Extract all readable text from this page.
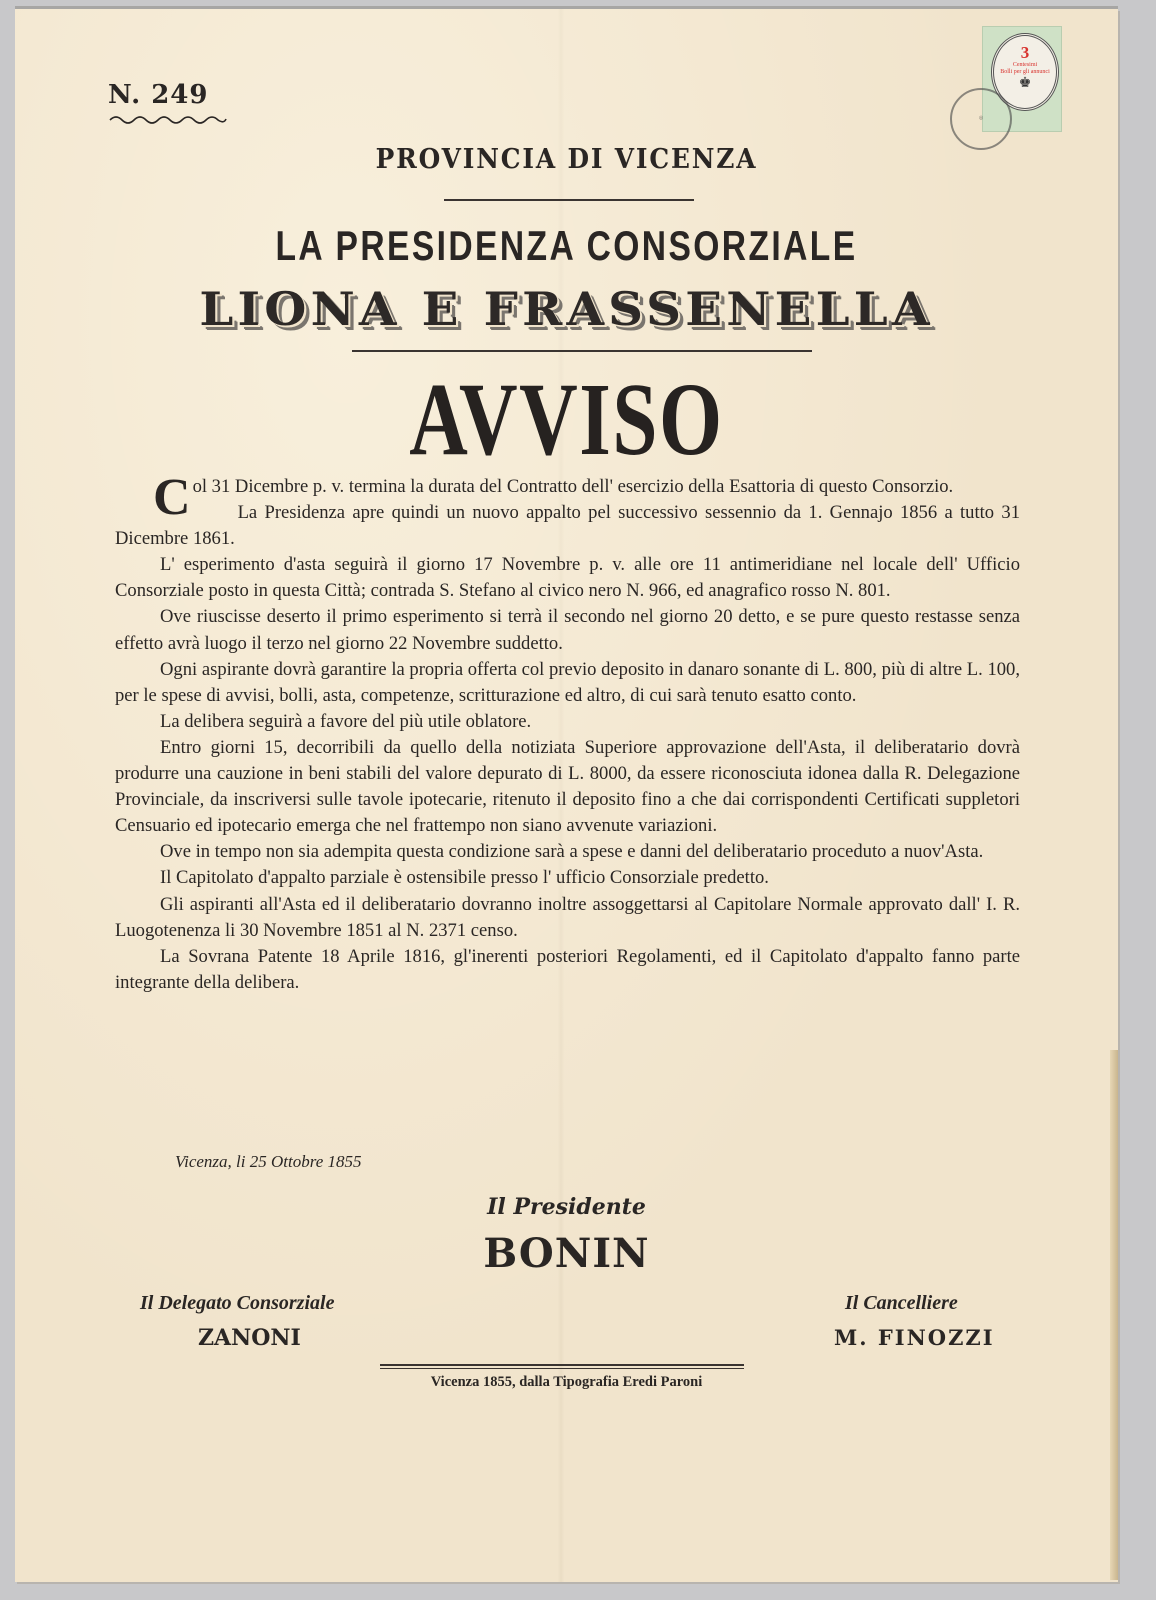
N. 249
3
Centesimi
Bolli per gli annunci
♚
◎
PROVINCIA DI VICENZA
LA PRESIDENZA CONSORZIALE
LIONA E FRASSENELLA
AVVISO

Col 31 Dicembre p. v. termina la durata del Contratto dell' esercizio della Esattoria di questo Consorzio.

La Presidenza apre quindi un nuovo appalto pel successivo sessennio da 1. Gennajo 1856 a tutto 31 Dicembre 1861.

L' esperimento d'asta seguirà il giorno 17 Novembre p. v. alle ore 11 antimeridiane nel locale dell' Ufficio Consorziale posto in questa Città; contrada S. Stefano al civico nero N. 966, ed anagrafico rosso N. 801.

Ove riuscisse deserto il primo esperimento si terrà il secondo nel giorno 20 detto, e se pure questo restasse senza effetto avrà luogo il terzo nel giorno 22 Novembre suddetto.

Ogni aspirante dovrà garantire la propria offerta col previo deposito in danaro sonante di L. 800, più di altre L. 100, per le spese di avvisi, bolli, asta, competenze, scritturazione ed altro, di cui sarà tenuto esatto conto.

La delibera seguirà a favore del più utile oblatore.

Entro giorni 15, decorribili da quello della notiziata Superiore approvazione dell'Asta, il deliberatario dovrà produrre una cauzione in beni stabili del valore depurato di L. 8000, da essere riconosciuta idonea dalla R. Delegazione Provinciale, da inscriversi sulle tavole ipotecarie, ritenuto il deposito fino a che dai corrispondenti Certificati suppletori Censuario ed ipotecario emerga che nel frattempo non siano avvenute variazioni.

Ove in tempo non sia adempita questa condizione sarà a spese e danni del deliberatario proceduto a nuov'Asta.

Il Capitolato d'appalto parziale è ostensibile presso l' ufficio Consorziale predetto.

Gli aspiranti all'Asta ed il deliberatario dovranno inoltre assoggettarsi al Capitolare Normale approvato dall' I. R. Luogotenenza li 30 Novembre 1851 al N. 2371 censo.

La Sovrana Patente 18 Aprile 1816, gl'inerenti posteriori Regolamenti, ed il Capitolato d'appalto fanno parte integrante della delibera.

Vicenza, li 25 Ottobre 1855
Il Presidente
BONIN
Il Delegato Consorziale
ZANONI
Il Cancelliere
M. FINOZZI
Vicenza 1855, dalla Tipografia Eredi Paroni
